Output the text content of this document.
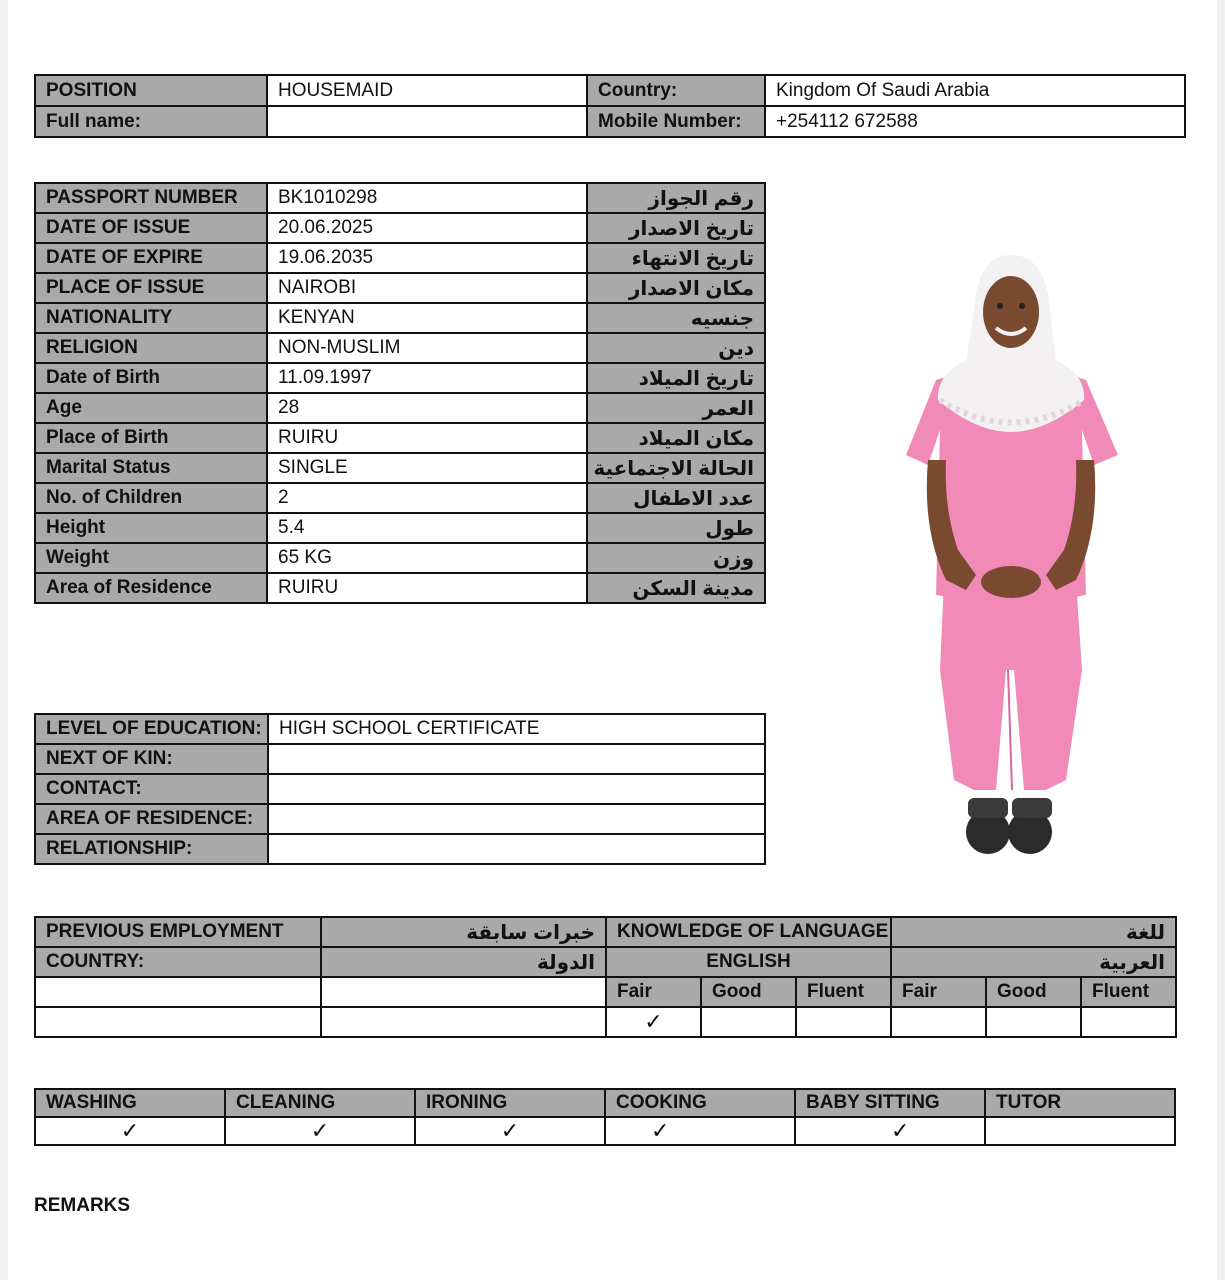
POSITION	HOUSEMAID	Country:	Kingdom Of Saudi Arabia
Full name:		Mobile Number:	+254112 672588
PASSPORT NUMBER	BK1010298	رقم الجواز
DATE OF ISSUE	20.06.2025	تاريخ الاصدار
DATE OF EXPIRE	19.06.2035	تاريخ الانتهاء
PLACE OF ISSUE	NAIROBI	مكان الاصدار
NATIONALITY	KENYAN	جنسيه
RELIGION	NON-MUSLIM	دين
Date of Birth	11.09.1997	تاريخ الميلاد
Age	28	العمر
Place of Birth	RUIRU	مكان الميلاد
Marital Status	SINGLE	الحالة الاجتماعية
No. of Children	2	عدد الاطفال
Height	5.4	طول
Weight	65 KG	وزن
Area of Residence	RUIRU	مدينة السكن
LEVEL OF EDUCATION:	HIGH SCHOOL CERTIFICATE
NEXT OF KIN:	
CONTACT:	
AREA OF RESIDENCE:	
RELATIONSHIP:	
PREVIOUS EMPLOYMENT	خبرات سابقة	KNOWLEDGE OF LANGUAGE			للغة		
COUNTRY:	الدولة	ENGLISH			العربية		
		Fair	Good	Fluent	Fair	Good	Fluent
		✓					
WASHING	CLEANING	IRONING	COOKING	BABY SITTING	TUTOR
✓	✓	✓	✓	✓	
REMARKS
